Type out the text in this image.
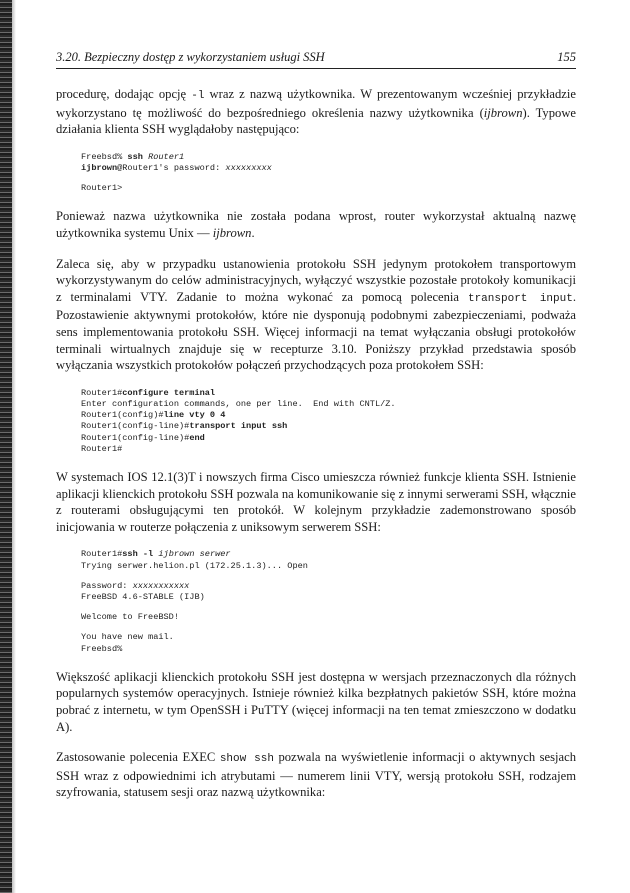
3.20. Bezpieczny dostęp z wykorzystaniem usługi SSH	155

procedurę, dodając opcję -l wraz z nazwą użytkownika. W prezentowanym wcześniej przykładzie wykorzystano tę możliwość do bezpośredniego określenia nazwy użytkownika (ijbrown). Typowe działania klienta SSH wyglądałoby następująco:

Freebsd% ssh Router1
ijbrown@Router1's password: xxxxxxxxx
Router1>

Ponieważ nazwa użytkownika nie została podana wprost, router wykorzystał aktualną nazwę użytkownika systemu Unix — ijbrown.

Zaleca się, aby w przypadku ustanowienia protokołu SSH jedynym protokołem transportowym wykorzystywanym do celów administracyjnych, wyłączyć wszystkie pozostałe protokoły komunikacji z terminalami VTY. Zadanie to można wykonać za pomocą polecenia transport input. Pozostawienie aktywnymi protokołów, które nie dysponują podobnymi zabezpieczeniami, podważa sens implementowania protokołu SSH. Więcej informacji na temat wyłączania obsługi protokołów terminali wirtualnych znajduje się w recepturze 3.10. Poniższy przykład przedstawia sposób wyłączania wszystkich protokołów połączeń przychodzących poza protokołem SSH:

Router1#configure terminal
Enter configuration commands, one per line.  End with CNTL/Z.
Router1(config)#line vty 0 4
Router1(config-line)#transport input ssh
Router1(config-line)#end
Router1#

W systemach IOS 12.1(3)T i nowszych firma Cisco umieszcza również funkcje klienta SSH. Istnienie aplikacji klienckich protokołu SSH pozwala na komunikowanie się z innymi serwerami SSH, włącznie z routerami obsługującymi ten protokół. W kolejnym przykładzie zademonstrowano sposób inicjowania w routerze połączenia z uniksowym serwerem SSH:

Router1#ssh -l ijbrown serwer
Trying serwer.helion.pl (172.25.1.3)... Open
Password: xxxxxxxxxxx
FreeBSD 4.6-STABLE (IJB)
Welcome to FreeBSD!
You have new mail.
Freebsd%

Większość aplikacji klienckich protokołu SSH jest dostępna w wersjach przeznaczonych dla różnych popularnych systemów operacyjnych. Istnieje również kilka bezpłatnych pakietów SSH, które można pobrać z internetu, w tym OpenSSH i PuTTY (więcej informacji na ten temat zmieszczono w dodatku A).

Zastosowanie polecenia EXEC show ssh pozwala na wyświetlenie informacji o aktywnych sesjach SSH wraz z odpowiednimi ich atrybutami — numerem linii VTY, wersją protokołu SSH, rodzajem szyfrowania, statusem sesji oraz nazwą użytkownika:
